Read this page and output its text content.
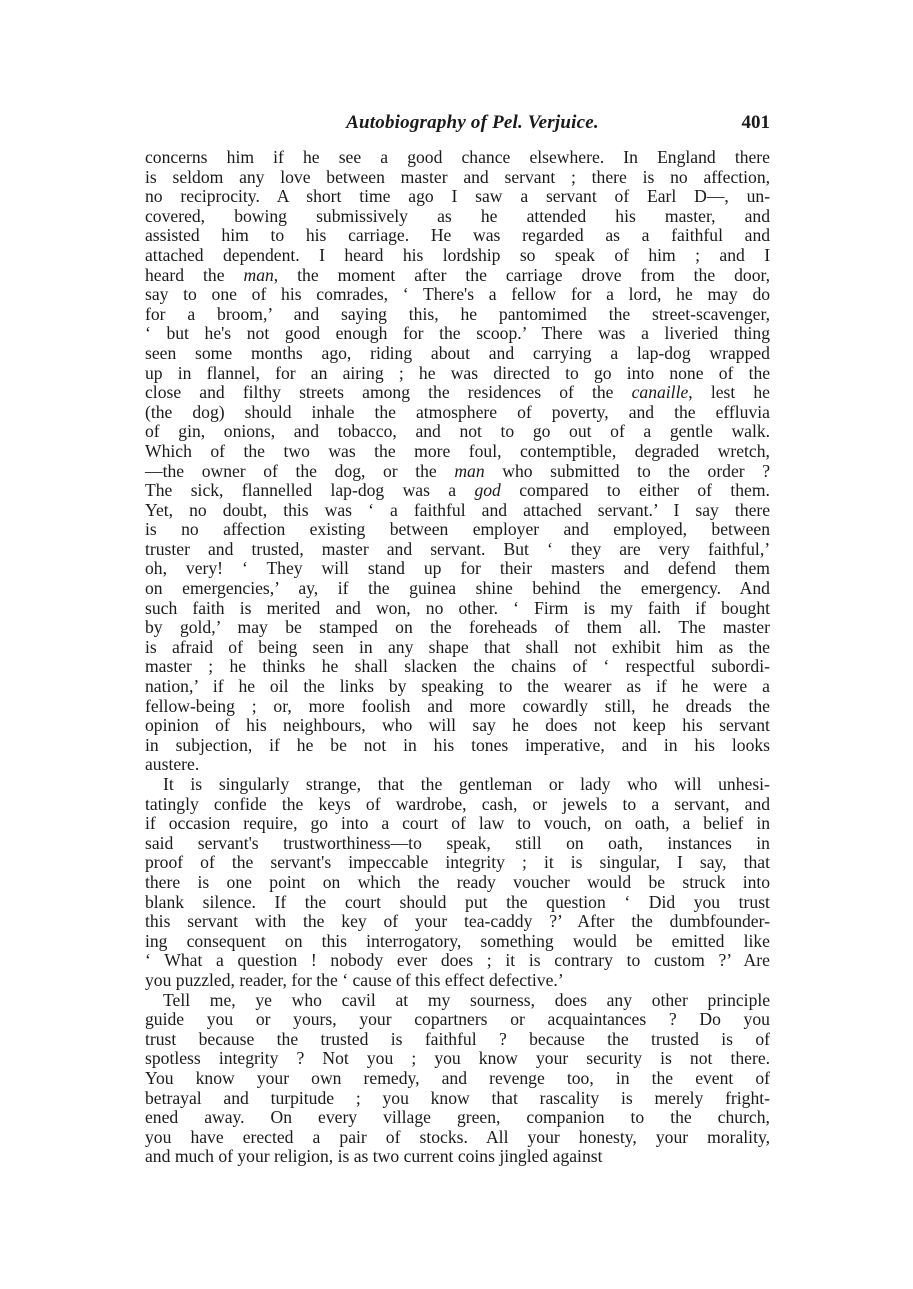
Autobiography of Pel. Verjuice.	401
concerns him if he see a good chance elsewhere. In England there
is seldom any love between master and servant ; there is no affection,
no reciprocity. A short time ago I saw a servant of Earl D—, un-
covered, bowing submissively as he attended his master, and
assisted him to his carriage. He was regarded as a faithful and
attached dependent. I heard his lordship so speak of him ; and I
heard the man, the moment after the carriage drove from the door,
say to one of his comrades, ‘ There's a fellow for a lord, he may do
for a broom,’ and saying this, he pantomimed the street-scavenger,
‘ but he's not good enough for the scoop.’ There was a liveried thing
seen some months ago, riding about and carrying a lap-dog wrapped
up in flannel, for an airing ; he was directed to go into none of the
close and filthy streets among the residences of the canaille, lest he
(the dog) should inhale the atmosphere of poverty, and the effluvia
of gin, onions, and tobacco, and not to go out of a gentle walk.
Which of the two was the more foul, contemptible, degraded wretch,
—the owner of the dog, or the man who submitted to the order ?
The sick, flannelled lap-dog was a god compared to either of them.
Yet, no doubt, this was ‘ a faithful and attached servant.’ I say there
is no affection existing between employer and employed, between
truster and trusted, master and servant. But ‘ they are very faithful,’
oh, very! ‘ They will stand up for their masters and defend them
on emergencies,’ ay, if the guinea shine behind the emergency. And
such faith is merited and won, no other. ‘ Firm is my faith if bought
by gold,’ may be stamped on the foreheads of them all. The master
is afraid of being seen in any shape that shall not exhibit him as the
master ; he thinks he shall slacken the chains of ‘ respectful subordi-
nation,’ if he oil the links by speaking to the wearer as if he were a
fellow-being ; or, more foolish and more cowardly still, he dreads the
opinion of his neighbours, who will say he does not keep his servant
in subjection, if he be not in his tones imperative, and in his looks
austere.
It is singularly strange, that the gentleman or lady who will unhesi-
tatingly confide the keys of wardrobe, cash, or jewels to a servant, and
if occasion require, go into a court of law to vouch, on oath, a belief in
said servant's trustworthiness—to speak, still on oath, instances in
proof of the servant's impeccable integrity ; it is singular, I say, that
there is one point on which the ready voucher would be struck into
blank silence. If the court should put the question ‘ Did you trust
this servant with the key of your tea-caddy ?’ After the dumbfounder-
ing consequent on this interrogatory, something would be emitted like
‘ What a question ! nobody ever does ; it is contrary to custom ?’ Are
you puzzled, reader, for the ‘ cause of this effect defective.’
Tell me, ye who cavil at my sourness, does any other principle
guide you or yours, your copartners or acquaintances ? Do you
trust because the trusted is faithful ? because the trusted is of
spotless integrity ? Not you ; you know your security is not there.
You know your own remedy, and revenge too, in the event of
betrayal and turpitude ; you know that rascality is merely fright-
ened away. On every village green, companion to the church,
you have erected a pair of stocks. All your honesty, your morality,
and much of your religion, is as two current coins jingled against
